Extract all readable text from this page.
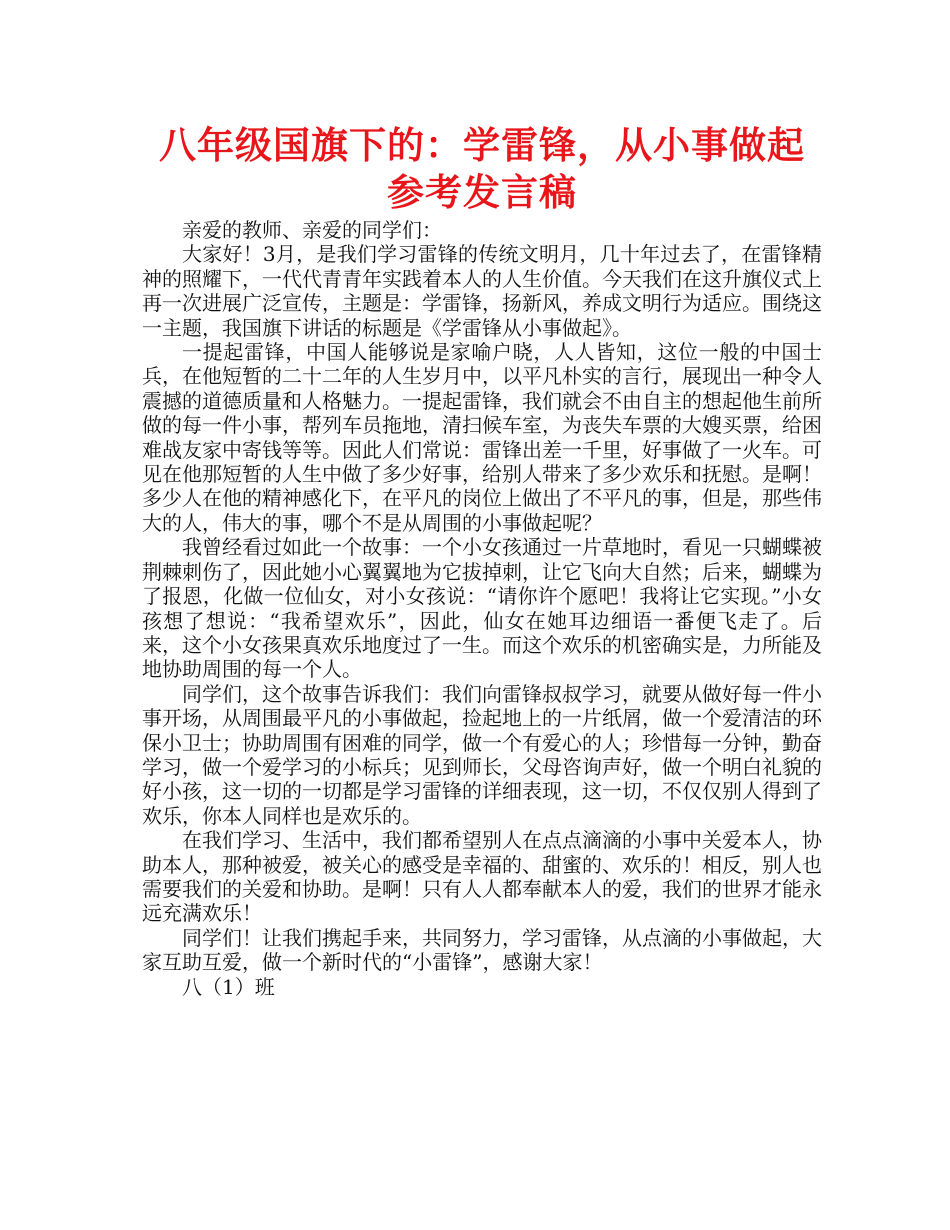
八年级国旗下的：学雷锋，从小事做起参考发言稿

亲爱的教师、亲爱的同学们：

大家好！3月，是我们学习雷锋的传统文明月，几十年过去了，在雷锋精神的照耀下，一代代青青年实践着本人的人生价值。今天我们在这升旗仪式上再一次进展广泛宣传，主题是：学雷锋，扬新风，养成文明行为适应。围绕这一主题，我国旗下讲话的标题是《学雷锋从小事做起》。

一提起雷锋，中国人能够说是家喻户晓，人人皆知，这位一般的中国士兵，在他短暂的二十二年的人生岁月中，以平凡朴实的言行，展现出一种令人震撼的道德质量和人格魅力。一提起雷锋，我们就会不由自主的想起他生前所做的每一件小事，帮列车员拖地，清扫候车室，为丧失车票的大嫂买票，给困难战友家中寄钱等等。因此人们常说：雷锋出差一千里，好事做了一火车。可见在他那短暂的人生中做了多少好事，给别人带来了多少欢乐和抚慰。是啊！多少人在他的精神感化下，在平凡的岗位上做出了不平凡的事，但是，那些伟大的人，伟大的事，哪个不是从周围的小事做起呢？

我曾经看过如此一个故事：一个小女孩通过一片草地时，看见一只蝴蝶被荆棘刺伤了，因此她小心翼翼地为它拔掉刺，让它飞向大自然；后来，蝴蝶为了报恩，化做一位仙女，对小女孩说：“请你许个愿吧！我将让它实现。”小女孩想了想说：“我希望欢乐”，因此，仙女在她耳边细语一番便飞走了。后来，这个小女孩果真欢乐地度过了一生。而这个欢乐的机密确实是，力所能及地协助周围的每一个人。

同学们，这个故事告诉我们：我们向雷锋叔叔学习，就要从做好每一件小事开场，从周围最平凡的小事做起，捡起地上的一片纸屑，做一个爱清洁的环保小卫士；协助周围有困难的同学，做一个有爱心的人；珍惜每一分钟，勤奋学习，做一个爱学习的小标兵；见到师长，父母咨询声好，做一个明白礼貌的好小孩，这一切的一切都是学习雷锋的详细表现，这一切，不仅仅别人得到了欢乐，你本人同样也是欢乐的。

在我们学习、生活中，我们都希望别人在点点滴滴的小事中关爱本人，协助本人，那种被爱，被关心的感受是幸福的、甜蜜的、欢乐的！相反，别人也需要我们的关爱和协助。是啊！只有人人都奉献本人的爱，我们的世界才能永远充满欢乐！

同学们！让我们携起手来，共同努力，学习雷锋，从点滴的小事做起，大家互助互爱，做一个新时代的“小雷锋”，感谢大家！

八（1）班
